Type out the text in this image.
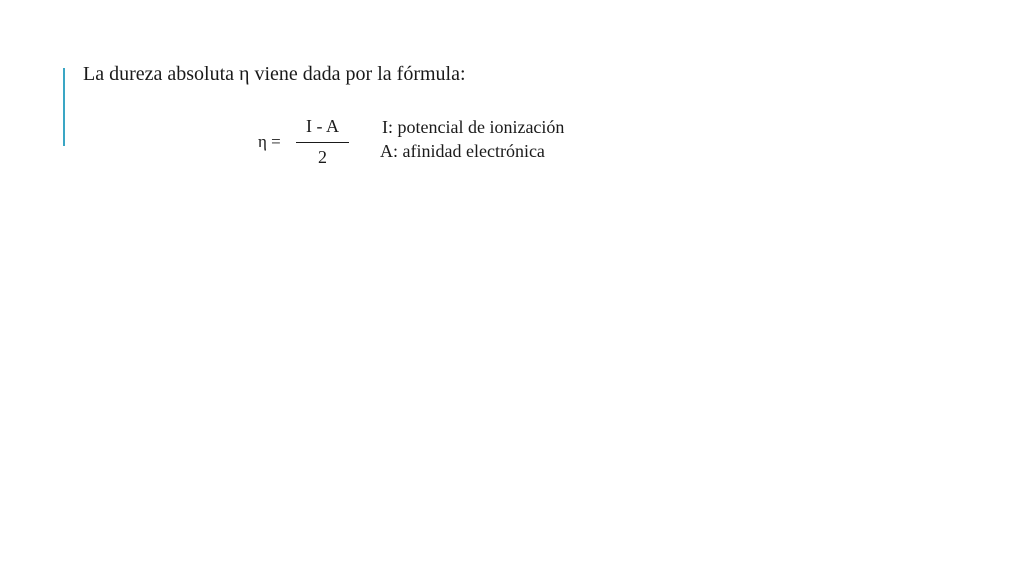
La dureza absoluta η viene dada por la fórmula:
η =
I - A
2
I: potencial de ionización
A: afinidad electrónica
